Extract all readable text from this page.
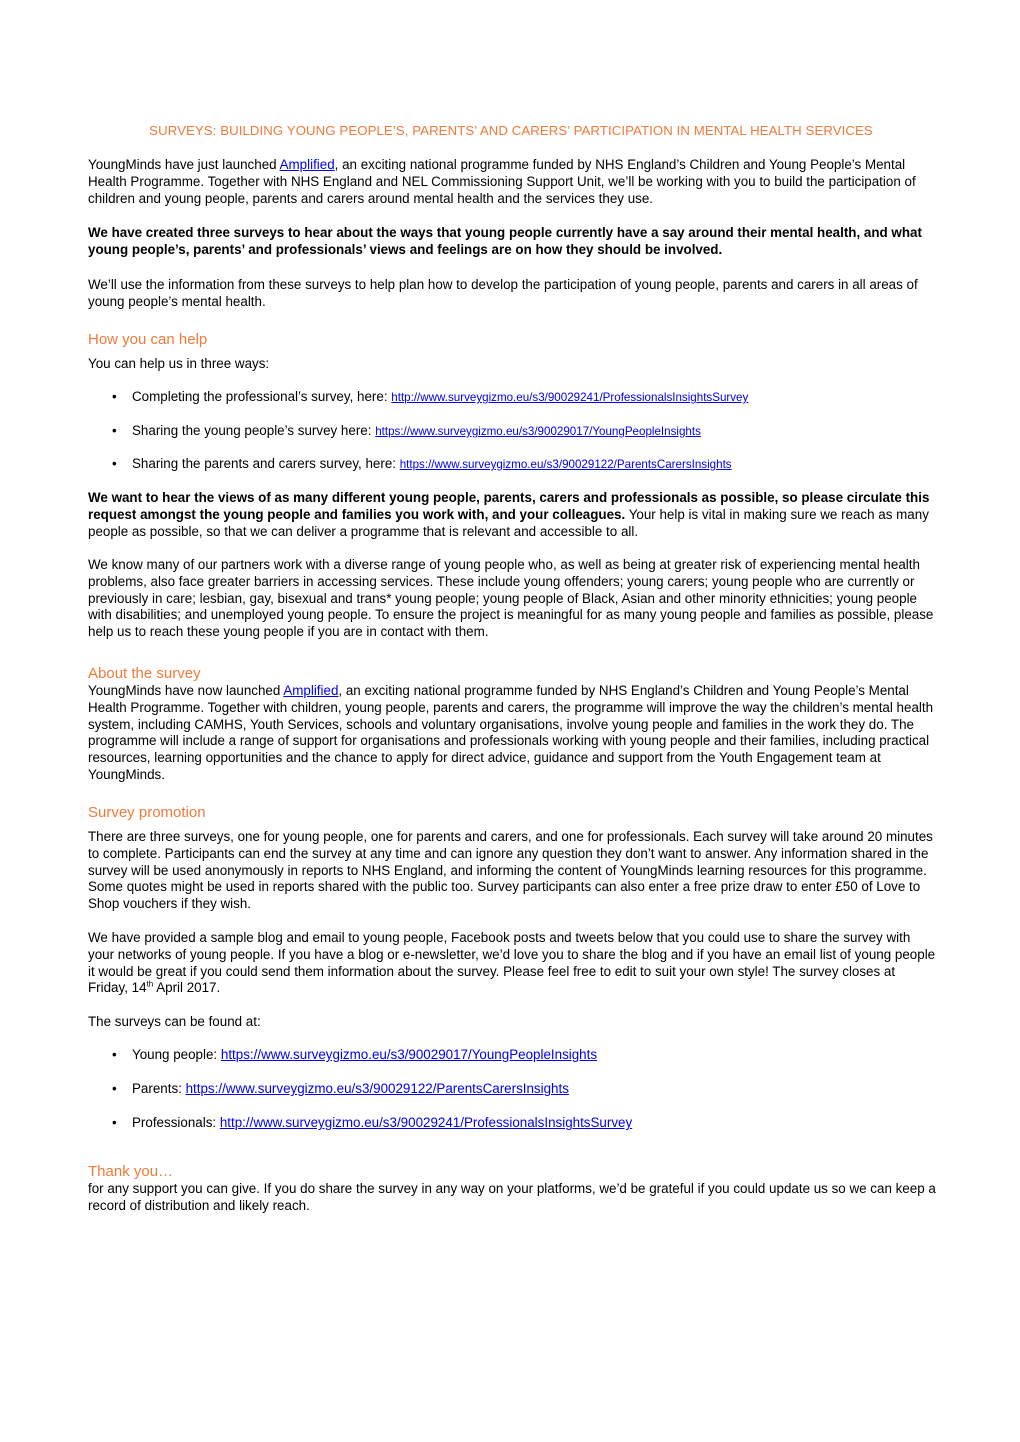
SURVEYS: BUILDING YOUNG PEOPLE’S, PARENTS’ AND CARERS’ PARTICIPATION IN MENTAL HEALTH SERVICES

YoungMinds have just launched Amplified, an exciting national programme funded by NHS England’s Children and Young People’s Mental Health Programme. Together with NHS England and NEL Commissioning Support Unit, we’ll be working with you to build the participation of children and young people, parents and carers around mental health and the services they use.

We have created three surveys to hear about the ways that young people currently have a say around their mental health, and what young people’s, parents’ and professionals’ views and feelings are on how they should be involved.

We’ll use the information from these surveys to help plan how to develop the participation of young people, parents and carers in all areas of young people’s mental health.

How you can help

You can help us in three ways:

• Completing the professional’s survey, here: http://www.surveygizmo.eu/s3/90029241/ProfessionalsInsightsSurvey
• Sharing the young people’s survey here: https://www.surveygizmo.eu/s3/90029017/YoungPeopleInsights
• Sharing the parents and carers survey, here: https://www.surveygizmo.eu/s3/90029122/ParentsCarersInsights

We want to hear the views of as many different young people, parents, carers and professionals as possible, so please circulate this request amongst the young people and families you work with, and your colleagues. Your help is vital in making sure we reach as many people as possible, so that we can deliver a programme that is relevant and accessible to all.

We know many of our partners work with a diverse range of young people who, as well as being at greater risk of experiencing mental health problems, also face greater barriers in accessing services. These include young offenders; young carers; young people who are currently or previously in care; lesbian, gay, bisexual and trans* young people; young people of Black, Asian and other minority ethnicities; young people with disabilities; and unemployed young people. To ensure the project is meaningful for as many young people and families as possible, please help us to reach these young people if you are in contact with them.

About the survey

YoungMinds have now launched Amplified, an exciting national programme funded by NHS England’s Children and Young People’s Mental Health Programme. Together with children, young people, parents and carers, the programme will improve the way the children’s mental health system, including CAMHS, Youth Services, schools and voluntary organisations, involve young people and families in the work they do. The programme will include a range of support for organisations and professionals working with young people and their families, including practical resources, learning opportunities and the chance to apply for direct advice, guidance and support from the Youth Engagement team at YoungMinds.

Survey promotion

There are three surveys, one for young people, one for parents and carers, and one for professionals. Each survey will take around 20 minutes to complete. Participants can end the survey at any time and can ignore any question they don’t want to answer. Any information shared in the survey will be used anonymously in reports to NHS England, and informing the content of YoungMinds learning resources for this programme. Some quotes might be used in reports shared with the public too. Survey participants can also enter a free prize draw to enter £50 of Love to Shop vouchers if they wish.

We have provided a sample blog and email to young people, Facebook posts and tweets below that you could use to share the survey with your networks of young people. If you have a blog or e-newsletter, we’d love you to share the blog and if you have an email list of young people it would be great if you could send them information about the survey. Please feel free to edit to suit your own style! The survey closes at Friday, 14th April 2017.

The surveys can be found at:

• Young people: https://www.surveygizmo.eu/s3/90029017/YoungPeopleInsights
• Parents: https://www.surveygizmo.eu/s3/90029122/ParentsCarersInsights
• Professionals: http://www.surveygizmo.eu/s3/90029241/ProfessionalsInsightsSurvey
Thank you…

for any support you can give. If you do share the survey in any way on your platforms, we’d be grateful if you could update us so we can keep a record of distribution and likely reach.
